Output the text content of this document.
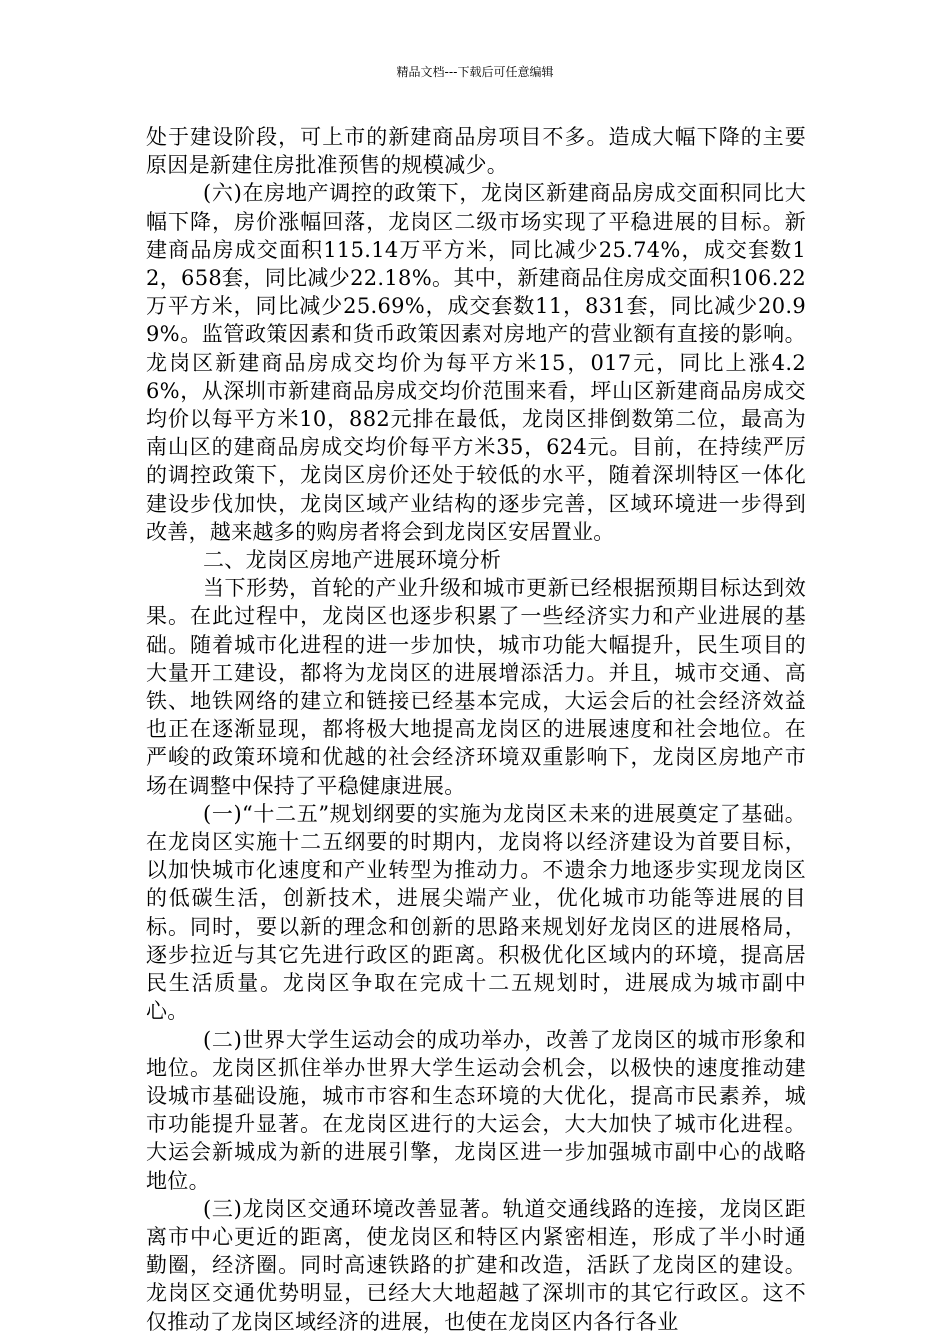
精品文档---下载后可任意编辑

处于建设阶段，可上市的新建商品房项目不多。造成大幅下降的主要原因是新建住房批准预售的规模减少。

(六)在房地产调控的政策下，龙岗区新建商品房成交面积同比大幅下降，房价涨幅回落，龙岗区二级市场实现了平稳进展的目标。新建商品房成交面积115.14万平方米，同比减少25.74%，成交套数12，658套，同比减少22.18%。其中，新建商品住房成交面积106.22万平方米，同比减少25.69%，成交套数11，831套，同比减少20.99%。监管政策因素和货币政策因素对房地产的营业额有直接的影响。龙岗区新建商品房成交均价为每平方米15，017元，同比上涨4.26%，从深圳市新建商品房成交均价范围来看，坪山区新建商品房成交均价以每平方米10，882元排在最低，龙岗区排倒数第二位，最高为南山区的建商品房成交均价每平方米35，624元。目前，在持续严厉的调控政策下，龙岗区房价还处于较低的水平，随着深圳特区一体化建设步伐加快，龙岗区域产业结构的逐步完善，区域环境进一步得到改善，越来越多的购房者将会到龙岗区安居置业。

二、龙岗区房地产进展环境分析

当下形势，首轮的产业升级和城市更新已经根据预期目标达到效果。在此过程中，龙岗区也逐步积累了一些经济实力和产业进展的基础。随着城市化进程的进一步加快，城市功能大幅提升，民生项目的大量开工建设，都将为龙岗区的进展增添活力。并且，城市交通、高铁、地铁网络的建立和链接已经基本完成，大运会后的社会经济效益也正在逐渐显现，都将极大地提高龙岗区的进展速度和社会地位。在严峻的政策环境和优越的社会经济环境双重影响下，龙岗区房地产市场在调整中保持了平稳健康进展。

(一)“十二五”规划纲要的实施为龙岗区未来的进展奠定了基础。在龙岗区实施十二五纲要的时期内，龙岗将以经济建设为首要目标，以加快城市化速度和产业转型为推动力。不遗余力地逐步实现龙岗区的低碳生活，创新技术，进展尖端产业，优化城市功能等进展的目标。同时，要以新的理念和创新的思路来规划好龙岗区的进展格局，逐步拉近与其它先进行政区的距离。积极优化区域内的环境，提高居民生活质量。龙岗区争取在完成十二五规划时，进展成为城市副中心。

(二)世界大学生运动会的成功举办，改善了龙岗区的城市形象和地位。龙岗区抓住举办世界大学生运动会机会，以极快的速度推动建设城市基础设施，城市市容和生态环境的大优化，提高市民素养，城市功能提升显著。在龙岗区进行的大运会，大大加快了城市化进程。大运会新城成为新的进展引擎，龙岗区进一步加强城市副中心的战略地位。

(三)龙岗区交通环境改善显著。轨道交通线路的连接，龙岗区距离市中心更近的距离，使龙岗区和特区内紧密相连，形成了半小时通勤圈，经济圈。同时高速铁路的扩建和改造，活跃了龙岗区的建设。龙岗区交通优势明显，已经大大地超越了深圳市的其它行政区。这不仅推动了龙岗区域经济的进展，也使在龙岗区内各行各业
